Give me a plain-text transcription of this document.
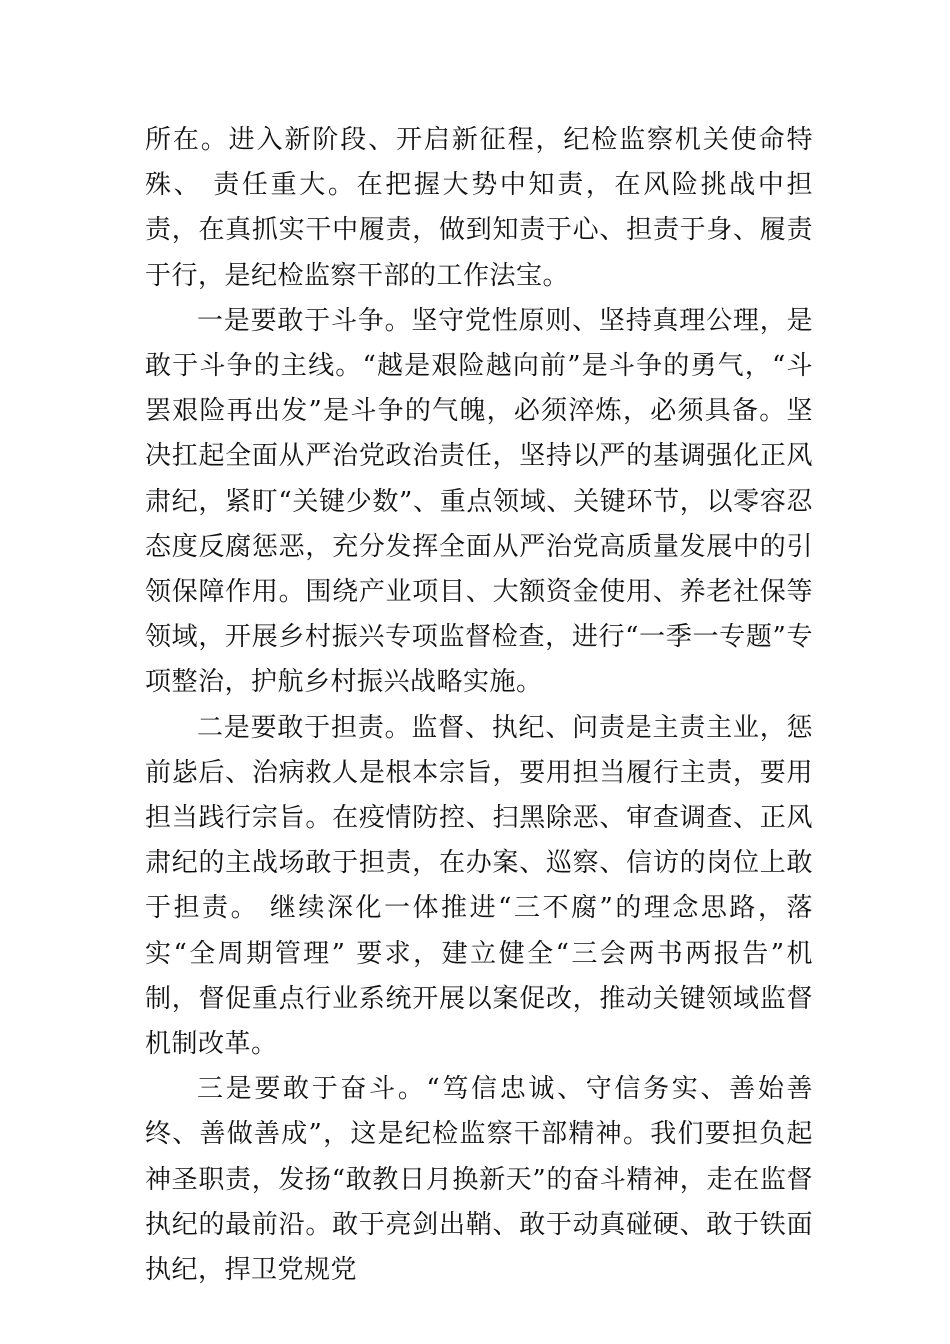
所在。进入新阶段、开启新征程，纪检监察机关使命特殊、 责任重大。在把握大势中知责，在风险挑战中担责，在真抓实干中履责，做到知责于心、担责于身、履责于行，是纪检监察干部的工作法宝。

一是要敢于斗争。坚守党性原则、坚持真理公理，是敢于斗争的主线。“越是艰险越向前”是斗争的勇气，“斗罢艰险再出发”是斗争的气魄，必须淬炼，必须具备。坚决扛起全面从严治党政治责任，坚持以严的基调强化正风肃纪，紧盯“关键少数”、重点领域、关键环节，以零容忍态度反腐惩恶，充分发挥全面从严治党高质量发展中的引领保障作用。围绕产业项目、大额资金使用、养老社保等领域，开展乡村振兴专项监督检查，进行“一季一专题”专项整治，护航乡村振兴战略实施。

二是要敢于担责。监督、执纪、问责是主责主业，惩前毖后、治病救人是根本宗旨，要用担当履行主责，要用担当践行宗旨。在疫情防控、扫黑除恶、审查调查、正风肃纪的主战场敢于担责，在办案、巡察、信访的岗位上敢于担责。 继续深化一体推进“三不腐”的理念思路，落实“全周期管理” 要求，建立健全“三会两书两报告”机制，督促重点行业系统开展以案促改，推动关键领域监督机制改革。

三是要敢于奋斗。“笃信忠诚、守信务实、善始善终、善做善成”，这是纪检监察干部精神。我们要担负起神圣职责，发扬“敢教日月换新天”的奋斗精神，走在监督执纪的最前沿。敢于亮剑出鞘、敢于动真碰硬、敢于铁面执纪，捍卫党规党
